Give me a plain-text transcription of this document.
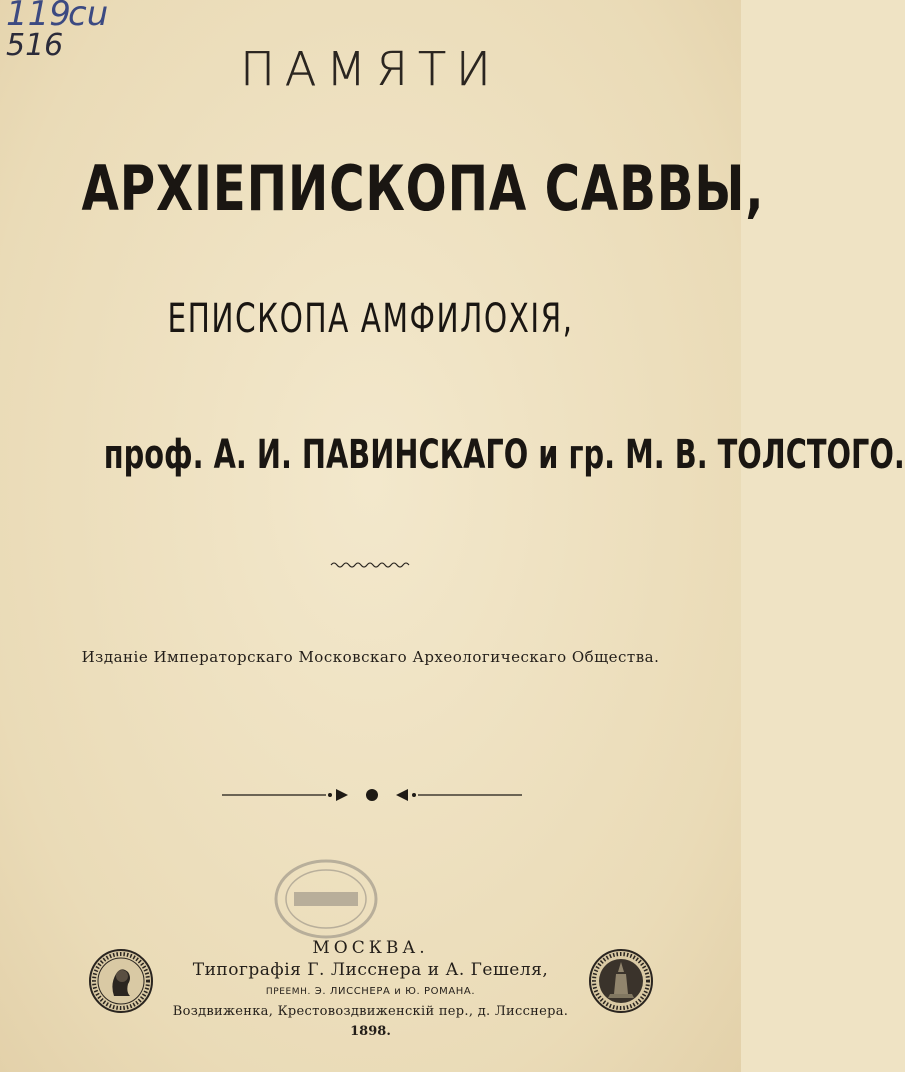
119
516
cu
ПАМЯТИ
АРХІЕПИСКОПА САВВЫ,
ЕПИСКОПА АМФИЛОХІЯ,
проф. А. И. ПАВИНСКАГО и гр. М. В. ТОЛСТОГО.
Изданіе Императорскаго Московскаго Археологическаго Общества.
МОСКВА.
Типографія Г. Лисснера и А. Гешеля,
ПРЕЕМН. Э. ЛИССНЕРА и Ю. РОМАНА.
Воздвиженка, Крестовоздвиженскій пер., д. Лисснера.
1898.
